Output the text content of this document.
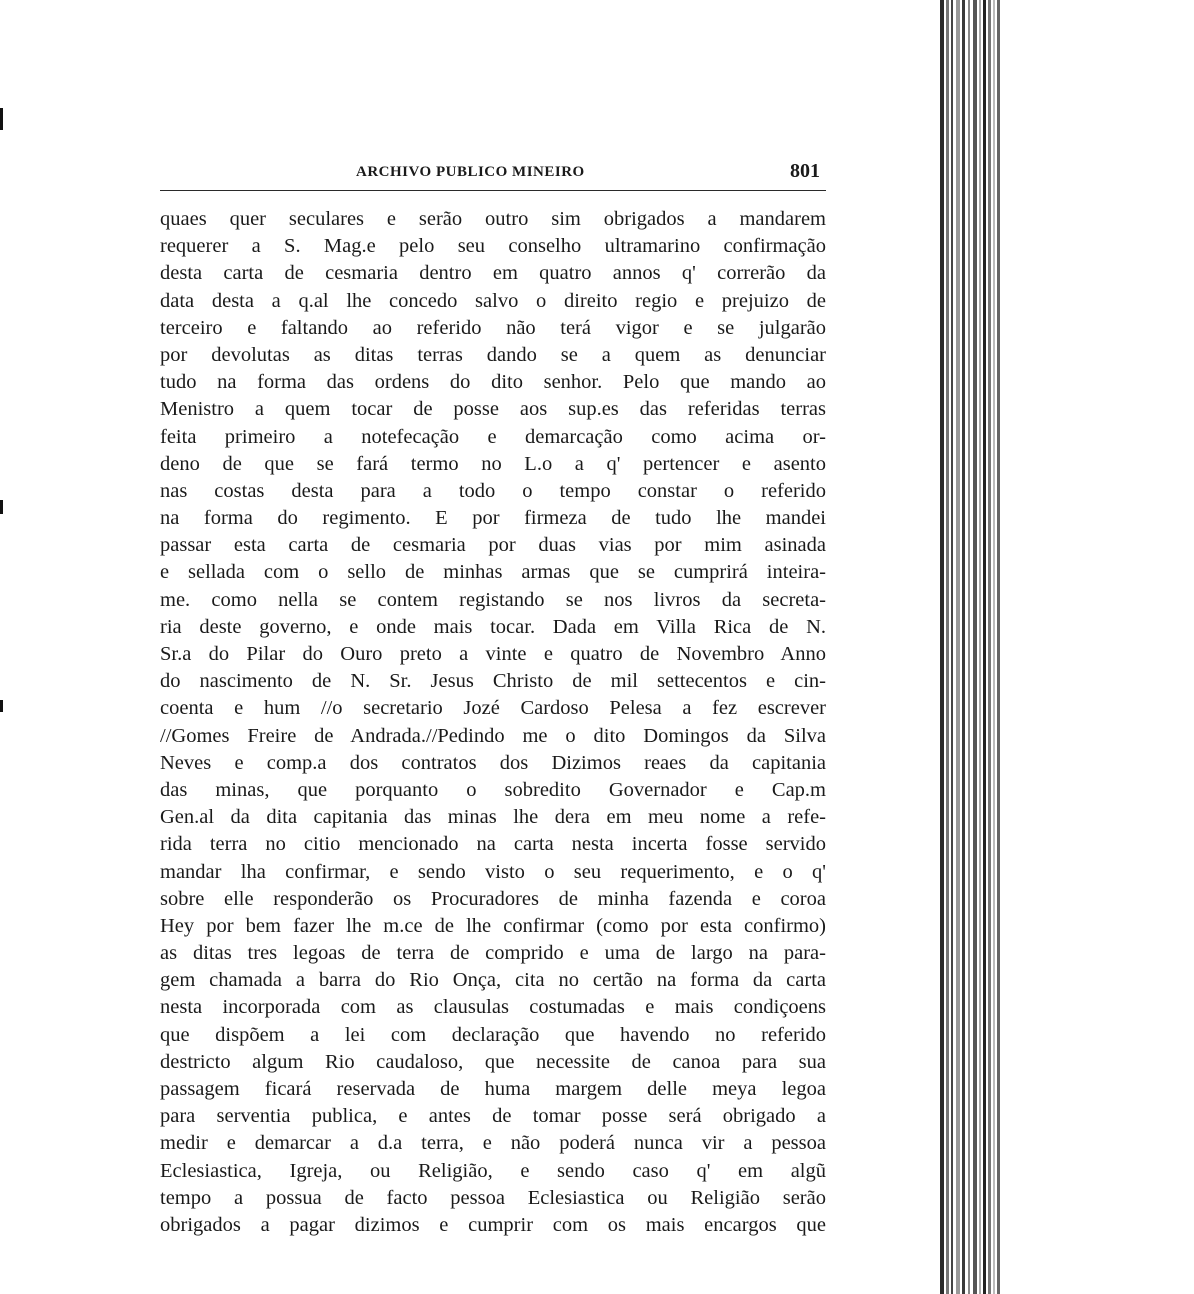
ARCHIVO PUBLICO MINEIRO	801
quaes quer seculares e serão outro sim obrigados a mandarem
requerer a S. Mag.e pelo seu conselho ultramarino confirmação
desta carta de cesmaria dentro em quatro annos q' correrão da
data desta a q.al lhe concedo salvo o direito regio e prejuizo de
terceiro e faltando ao referido não terá vigor e se julgarão
por devolutas as ditas terras dando se a quem as denunciar
tudo na forma das ordens do dito senhor. Pelo que mando ao
Menistro a quem tocar de posse aos sup.es das referidas terras
feita primeiro a notefecação e demarcação como acima or-
deno de que se fará termo no L.o a q' pertencer e asento
nas costas desta para a todo o tempo constar o referido
na forma do regimento. E por firmeza de tudo lhe mandei
passar esta carta de cesmaria por duas vias por mim asinada
e sellada com o sello de minhas armas que se cumprirá inteira-
me. como nella se contem registando se nos livros da secreta-
ria deste governo, e onde mais tocar. Dada em Villa Rica de N.
Sr.a do Pilar do Ouro preto a vinte e quatro de Novembro Anno
do nascimento de N. Sr. Jesus Christo de mil settecentos e cin-
coenta e hum //o secretario Jozé Cardoso Pelesa a fez escrever
//Gomes Freire de Andrada.//Pedindo me o dito Domingos da Silva
Neves e comp.a dos contratos dos Dizimos reaes da capitania
das minas, que porquanto o sobredito Governador e Cap.m
Gen.al da dita capitania das minas lhe dera em meu nome a refe-
rida terra no citio mencionado na carta nesta incerta fosse servido
mandar lha confirmar, e sendo visto o seu requerimento, e o q'
sobre elle responderão os Procuradores de minha fazenda e coroa
Hey por bem fazer lhe m.ce de lhe confirmar (como por esta confirmo)
as ditas tres legoas de terra de comprido e uma de largo na para-
gem chamada a barra do Rio Onça, cita no certão na forma da carta
nesta incorporada com as clausulas costumadas e mais condiçoens
que dispõem a lei com declaração que havendo no referido
destricto algum Rio caudaloso, que necessite de canoa para sua
passagem ficará reservada de huma margem delle meya legoa
para serventia publica, e antes de tomar posse será obrigado a
medir e demarcar a d.a terra, e não poderá nunca vir a pessoa
Eclesiastica, Igreja, ou Religião, e sendo caso q' em algũ
tempo a possua de facto pessoa Eclesiastica ou Religião serão
obrigados a pagar dizimos e cumprir com os mais encargos que
